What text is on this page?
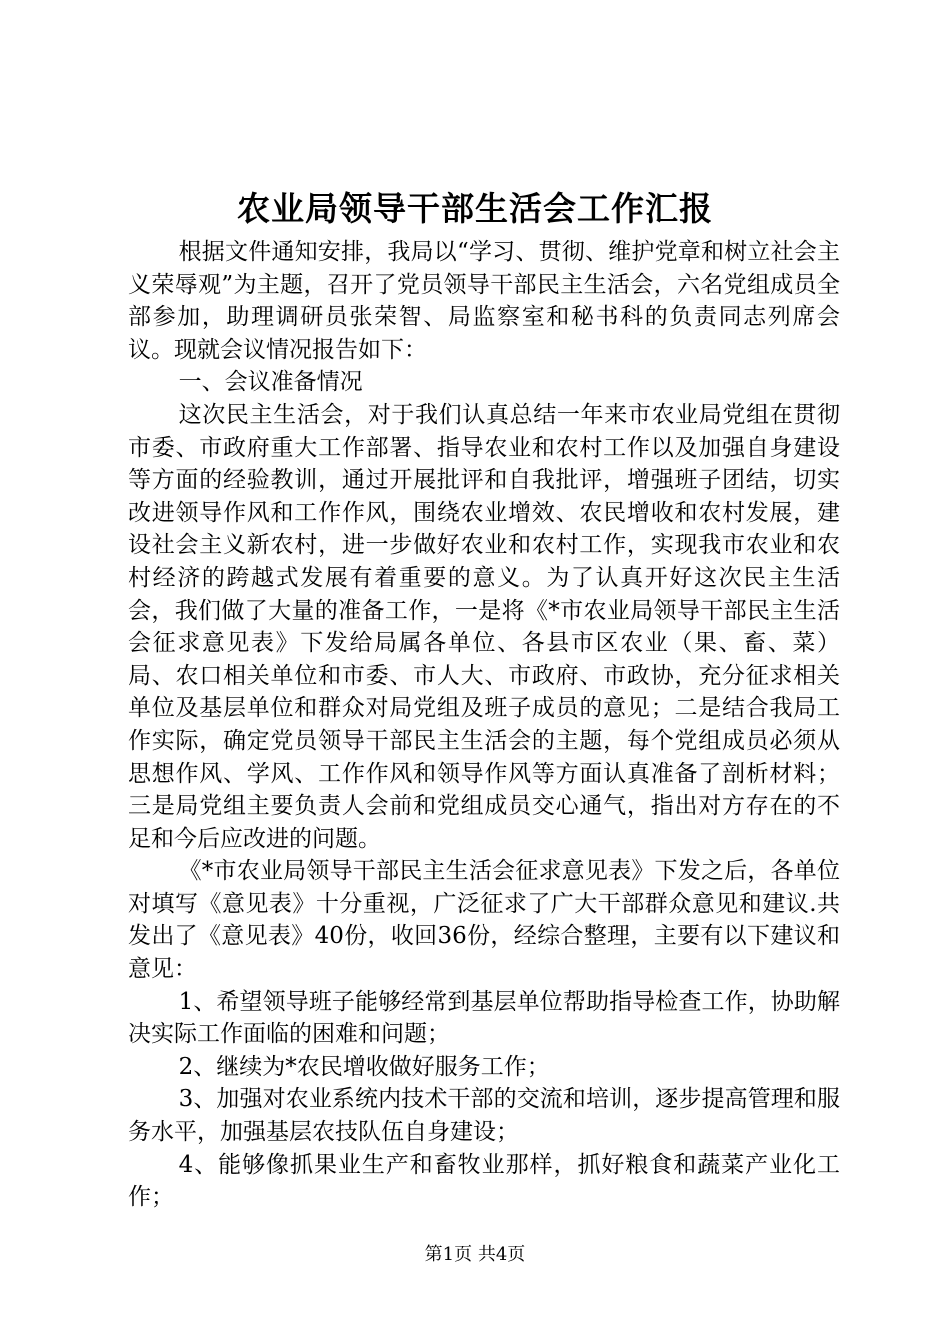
农业局领导干部生活会工作汇报

根据文件通知安排，我局以“学习、贯彻、维护党章和树立社会主义荣辱观”为主题，召开了党员领导干部民主生活会，六名党组成员全部参加，助理调研员张荣智、局监察室和秘书科的负责同志列席会议。现就会议情况报告如下：

一、会议准备情况

这次民主生活会，对于我们认真总结一年来市农业局党组在贯彻市委、市政府重大工作部署、指导农业和农村工作以及加强自身建设等方面的经验教训，通过开展批评和自我批评，增强班子团结，切实改进领导作风和工作作风，围绕农业增效、农民增收和农村发展，建设社会主义新农村，进一步做好农业和农村工作，实现我市农业和农村经济的跨越式发展有着重要的意义。为了认真开好这次民主生活会，我们做了大量的准备工作，一是将《*市农业局领导干部民主生活会征求意见表》下发给局属各单位、各县市区农业（果、畜、菜）局、农口相关单位和市委、市人大、市政府、市政协，充分征求相关单位及基层单位和群众对局党组及班子成员的意见；二是结合我局工作实际，确定党员领导干部民主生活会的主题，每个党组成员必须从思想作风、学风、工作作风和领导作风等方面认真准备了剖析材料；三是局党组主要负责人会前和党组成员交心通气，指出对方存在的不足和今后应改进的问题。

《*市农业局领导干部民主生活会征求意见表》下发之后，各单位对填写《意见表》十分重视，广泛征求了广大干部群众意见和建议.共发出了《意见表》40份，收回36份，经综合整理，主要有以下建议和意见：

1、希望领导班子能够经常到基层单位帮助指导检查工作，协助解决实际工作面临的困难和问题；

2、继续为*农民增收做好服务工作；

3、加强对农业系统内技术干部的交流和培训，逐步提高管理和服务水平，加强基层农技队伍自身建设；

4、能够像抓果业生产和畜牧业那样，抓好粮食和蔬菜产业化工作；

第1页 共4页
